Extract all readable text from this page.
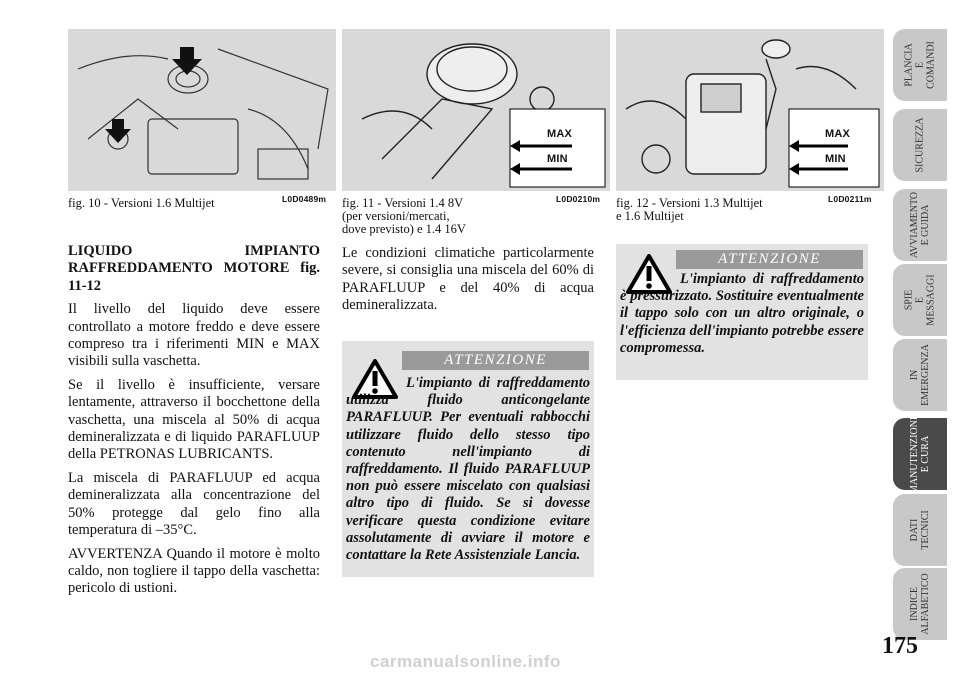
fig. 10 - Versioni 1.6 Multijet	L0D0489m
MAX
MIN
fig. 11 - Versioni 1.4 8V
(per versioni/mercati,
dove previsto) e 1.4 16V
L0D0210m
MAX
MIN
fig. 12 - Versioni 1.3 Multijet
e 1.6 Multijet
L0D0211m

LIQUIDO IMPIANTO RAFFREDDAMENTO MOTORE fig. 11-12

Il livello del liquido deve essere controllato a motore freddo e deve essere compreso tra i riferimenti MIN e MAX visibili sulla vaschetta.

Se il livello è insufficiente, versare lentamente, attraverso il bocchettone della vaschetta, una miscela al 50% di acqua demineralizzata e di liquido PARAFLUUP della PETRONAS LUBRICANTS.

La miscela di PARAFLUUP ed acqua demineralizzata alla concentrazione del 50% protegge dal gelo fino alla temperatura di –35°C.

AVVERTENZA Quando il motore è molto caldo, non togliere il tappo della vaschetta: pericolo di ustioni.

Le condizioni climatiche particolarmente severe, si consiglia una miscela del 60% di PARAFLUUP e del 40% di acqua demineralizzata.

ATTENZIONE
L'impianto di raffreddamento utilizza fluido anticongelante PARAFLUUP. Per eventuali rabbocchi utilizzare fluido dello stesso tipo contenuto nell'impianto di raffreddamento. Il fluido PARAFLUUP non può essere miscelato con qualsiasi altro tipo di fluido. Se si dovesse verificare questa condizione evitare assolutamente di avviare il motore e contattare la Rete Assistenziale Lancia.
ATTENZIONE
L'impianto di raffreddamento è pressurizzato. Sostituire eventualmente il tappo solo con un altro originale, o l'efficienza dell'impianto potrebbe essere compromessa.
PLANCIA
E COMANDI
SICUREZZA
AVVIAMENTO
E GUIDA
SPIE
E MESSAGGI
IN
EMERGENZA
MANUTENZIONE
E CURA
DATI
TECNICI
INDICE
ALFABETICO
175
carmanualsonline.info
